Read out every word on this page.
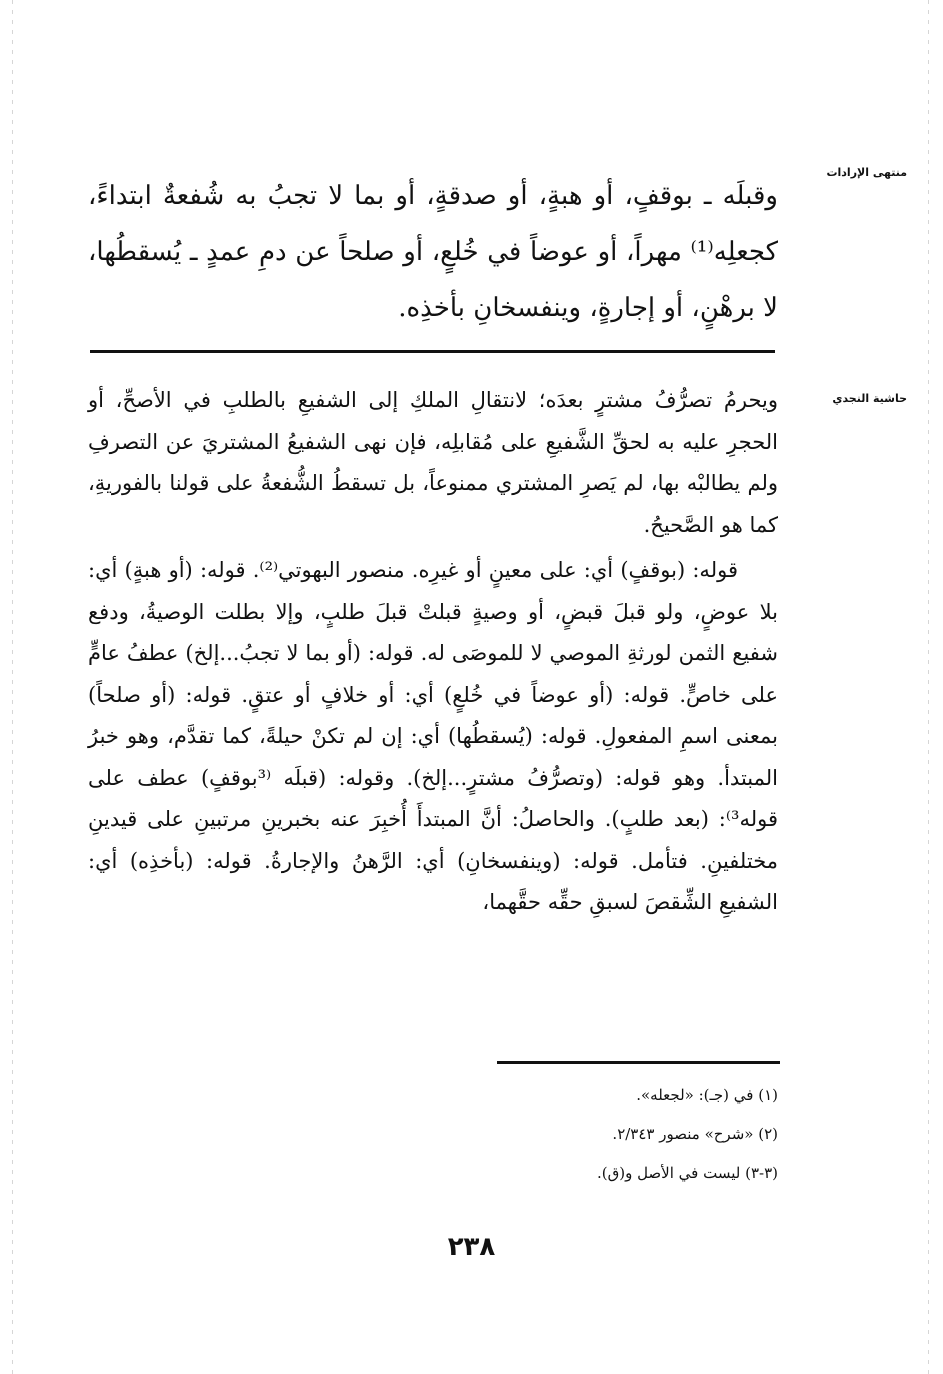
منتهى الإرادات
وقبلَه ـ بوقفٍ، أو هبةٍ، أو صدقةٍ، أو بما لا تجبُ به شُفعةٌ ابتداءً، كجعلِه⁽¹⁾ مهراً، أو عوضاً في خُلعٍ، أو صلحاً عن دمِ عمدٍ ـ يُسقطُها، لا برهْنٍ، أو إجارةٍ، وينفسخانِ بأخذِه.
حاشية النجدي

ويحرمُ تصرُّفُ مشترٍ بعدَه؛ لانتقالِ الملكِ إلى الشفيعِ بالطلبِ في الأصحِّ، أو الحجرِ عليه به لحقِّ الشَّفيعِ على مُقابلِه، فإن نهى الشفيعُ المشتريَ عن التصرفِ ولم يطالبْه بها، لم يَصرِ المشتري ممنوعاً، بل تسقطُ الشُّفعةُ على قولنا بالفوريةِ، كما هو الصَّحيحُ.

قوله: (بوقفٍ) أي: على معينٍ أو غيرِه. منصور البهوتي⁽²⁾. قوله: (أو هبةٍ) أي: بلا عوضٍ، ولو قبلَ قبضٍ، أو وصيةٍ قبلتْ قبلَ طلبٍ، وإلا بطلت الوصيةُ، ودفع شفيع الثمن لورثةِ الموصي لا للموصَى له. قوله: (أو بما لا تجبُ...إلخ) عطفُ عامٍّ على خاصٍّ. قوله: (أو عوضاً في خُلعٍ) أي: أو خلافٍ أو عتقٍ. قوله: (أو صلحاً) بمعنى اسمِ المفعولِ. قوله: (يُسقطُها) أي: إن لم تكنْ حيلةً، كما تقدَّم، وهو خبرُ المبتدأ. وهو قوله: (وتصرُّفُ مشترٍ...إلخ). وقوله: (قبلَه ⁽³بوقفٍ) عطف على قوله³⁾: (بعد طلبٍ). والحاصلُ: أنَّ المبتدأَ أُخبِرَ عنه بخبرينِ مرتبينِ على قيدينِ مختلفينِ. فتأمل. قوله: (وينفسخانِ) أي: الرَّهنُ والإجارةُ. قوله: (بأخذِه) أي: الشفيعِ الشِّقصَ لسبقِ حقِّه حقَّهما،

(١) في (جـ): «لجعله».
(٢) «شرح» منصور ٢/٣٤٣.
(٣-٣) ليست في الأصل و(ق).
٢٣٨
